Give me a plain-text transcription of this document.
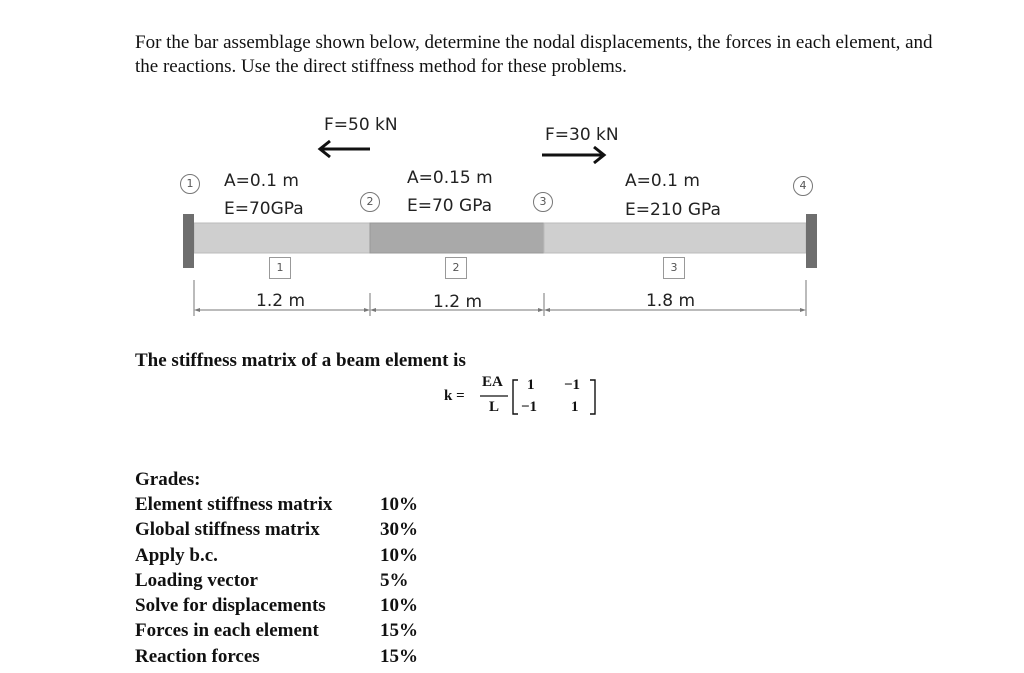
For the bar assemblage shown below, determine the nodal displacements, the forces in each element, and the reactions. Use the direct stiffness method for these problems.

F=50 kN	F=30 kN
A=0.1 m
E=70GPa
A=0.15 m
E=70 GPa
A=0.1 m
E=210 GPa
1
2	3
4
1	2	3
1.2 m	1.2 m	1.8 m

The stiffness matrix of a beam element is

k =
EA
L
1 −1
−1 1

Grades:

Element stiffness matrix	10%
Global stiffness matrix	30%
Apply b.c.	10%
Loading vector	5%
Solve for displacements	10%
Forces in each element	15%
Reaction forces	15%
